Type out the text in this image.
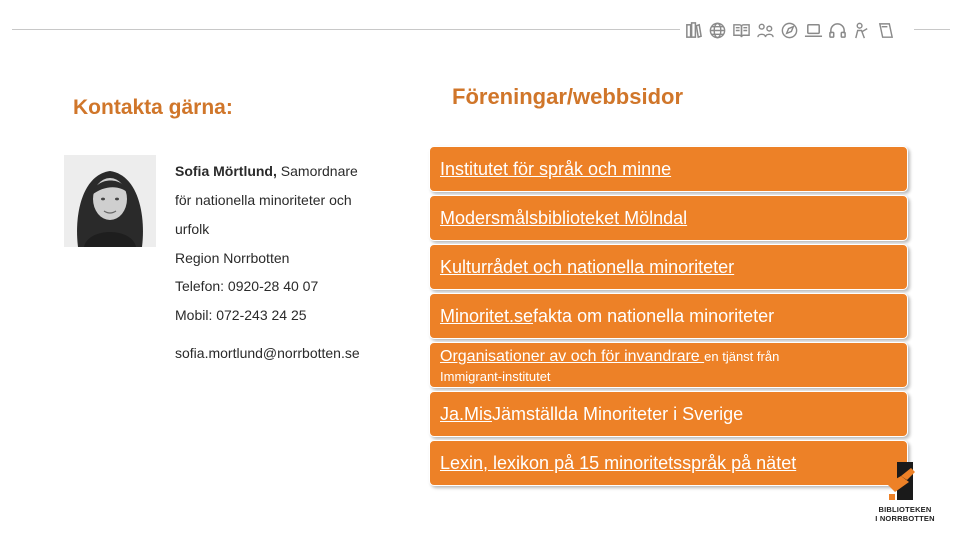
Kontakta gärna:
Sofia Mörtlund, Samordnare
för nationella minoriteter och
urfolk
Region Norrbotten
Telefon: 0920-28 40 07
Mobil: 072-243 24 25
sofia.mortlund@norrbotten.se
Föreningar/webbsidor
Institutet för språk och minne
Modersmålsbiblioteket Mölndal
Kulturrådet och nationella minoriteter
Minoritet.se fakta om nationella minoriteter
Organisationer av och för invandrare en tjänst från
Immigrant-institutet
Ja.Mis Jämställda Minoriteter i Sverige
Lexin, lexikon på 15 minoritetsspråk på nätet
BIBLIOTEKEN
I NORRBOTTEN
